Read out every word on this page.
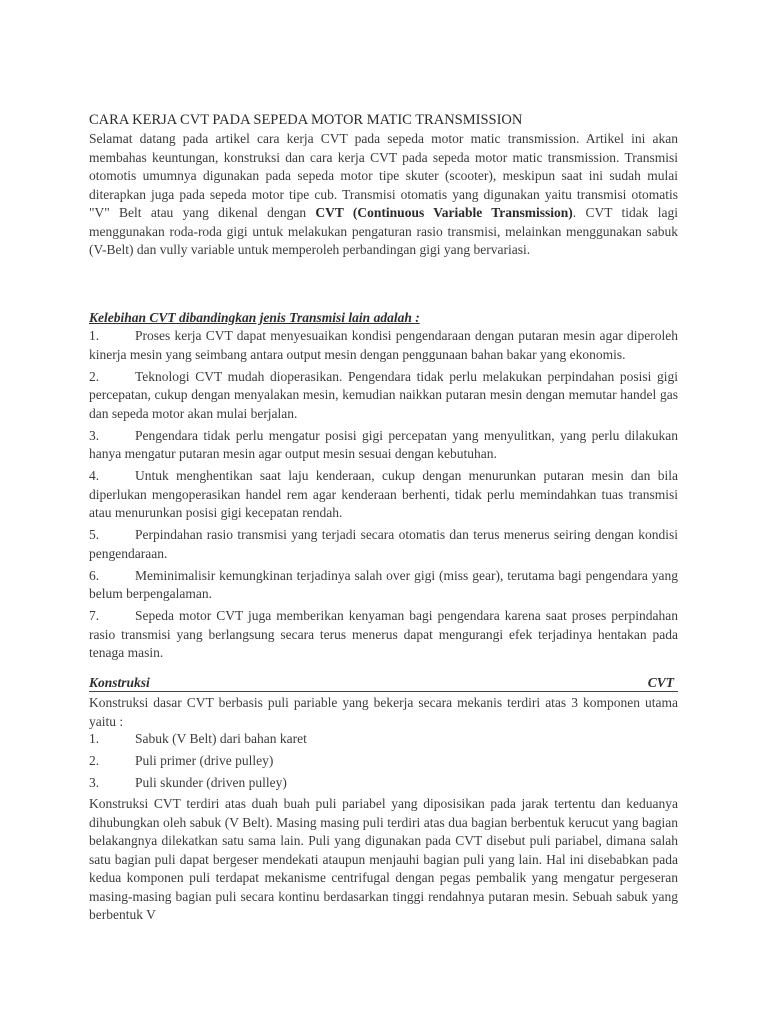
CARA KERJA CVT PADA SEPEDA MOTOR MATIC TRANSMISSION

Selamat datang pada artikel cara kerja CVT pada sepeda motor matic transmission. Artikel ini akan membahas keuntungan, konstruksi dan cara kerja CVT pada sepeda motor matic transmission. Transmisi otomotis umumnya digunakan pada sepeda motor tipe skuter (scooter), meskipun saat ini sudah mulai diterapkan juga pada sepeda motor tipe cub. Transmisi otomatis yang digunakan yaitu transmisi otomatis "V" Belt atau yang dikenal dengan CVT (Continuous Variable Transmission). CVT tidak lagi menggunakan roda-roda gigi untuk melakukan pengaturan rasio transmisi, melainkan menggunakan sabuk (V-Belt) dan vully variable untuk memperoleh perbandingan gigi yang bervariasi.

Kelebihan CVT dibandingkan jenis Transmisi lain adalah :

1.	Proses kerja CVT dapat menyesuaikan kondisi pengendaraan dengan putaran mesin agar diperoleh kinerja mesin yang seimbang antara output mesin dengan penggunaan bahan bakar yang ekonomis.
2.	Teknologi CVT mudah dioperasikan. Pengendara tidak perlu melakukan perpindahan posisi gigi percepatan, cukup dengan menyalakan mesin, kemudian naikkan putaran mesin dengan memutar handel gas dan sepeda motor akan mulai berjalan.
3.	Pengendara tidak perlu mengatur posisi gigi percepatan yang menyulitkan, yang perlu dilakukan hanya mengatur putaran mesin agar output mesin sesuai dengan kebutuhan.
4.	Untuk menghentikan saat laju kenderaan, cukup dengan menurunkan putaran mesin dan bila diperlukan mengoperasikan handel rem agar kenderaan berhenti, tidak perlu memindahkan tuas transmisi atau menurunkan posisi gigi kecepatan rendah.
5.	Perpindahan rasio transmisi yang terjadi secara otomatis dan terus menerus seiring dengan kondisi pengendaraan.
6.	Meminimalisir kemungkinan terjadinya salah over gigi (miss gear), terutama bagi pengendara yang belum berpengalaman.
7.	Sepeda motor CVT juga memberikan kenyaman bagi pengendara karena saat proses perpindahan rasio transmisi yang berlangsung secara terus menerus dapat mengurangi efek terjadinya hentakan pada tenaga masin.
Konstruksi	CVT

Konstruksi dasar CVT berbasis puli pariable yang bekerja secara mekanis terdiri atas 3 komponen utama yaitu :

1.	Sabuk (V Belt) dari bahan karet
2.	Puli primer (drive pulley)
3.	Puli skunder (driven pulley)

Konstruksi CVT terdiri atas duah buah puli pariabel yang diposisikan pada jarak tertentu dan keduanya dihubungkan oleh sabuk (V Belt). Masing masing puli terdiri atas dua bagian berbentuk kerucut yang bagian belakangnya dilekatkan satu sama lain. Puli yang digunakan pada CVT disebut puli pariabel, dimana salah satu bagian puli dapat bergeser mendekati ataupun menjauhi bagian puli yang lain. Hal ini disebabkan pada kedua komponen puli terdapat mekanisme centrifugal dengan pegas pembalik yang mengatur pergeseran masing-masing bagian puli secara kontinu berdasarkan tinggi rendahnya putaran mesin. Sebuah sabuk yang berbentuk V
